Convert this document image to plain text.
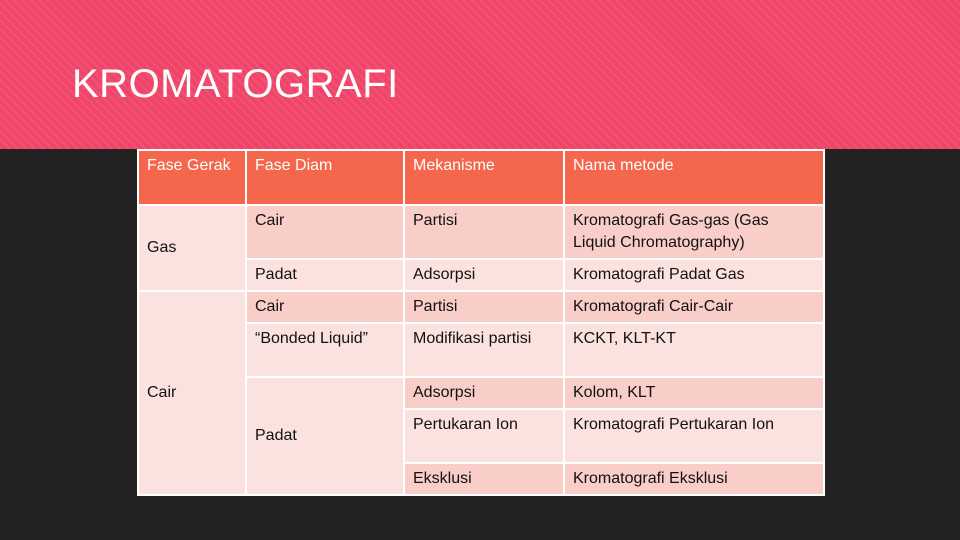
KROMATOGRAFI
Fase Gerak	Fase Diam	Mekanisme	Nama metode
Gas	Cair	Partisi	Kromatografi Gas-gas (Gas Liquid Chromatography)
	Padat	Adsorpsi	Kromatografi Padat Gas
Cair	Cair	Partisi	Kromatografi Cair-Cair
	“Bonded Liquid”	Modifikasi partisi	KCKT, KLT-KT
	Padat	Adsorpsi	Kolom, KLT
		Pertukaran Ion	Kromatografi Pertukaran Ion
		Eksklusi	Kromatografi Eksklusi
